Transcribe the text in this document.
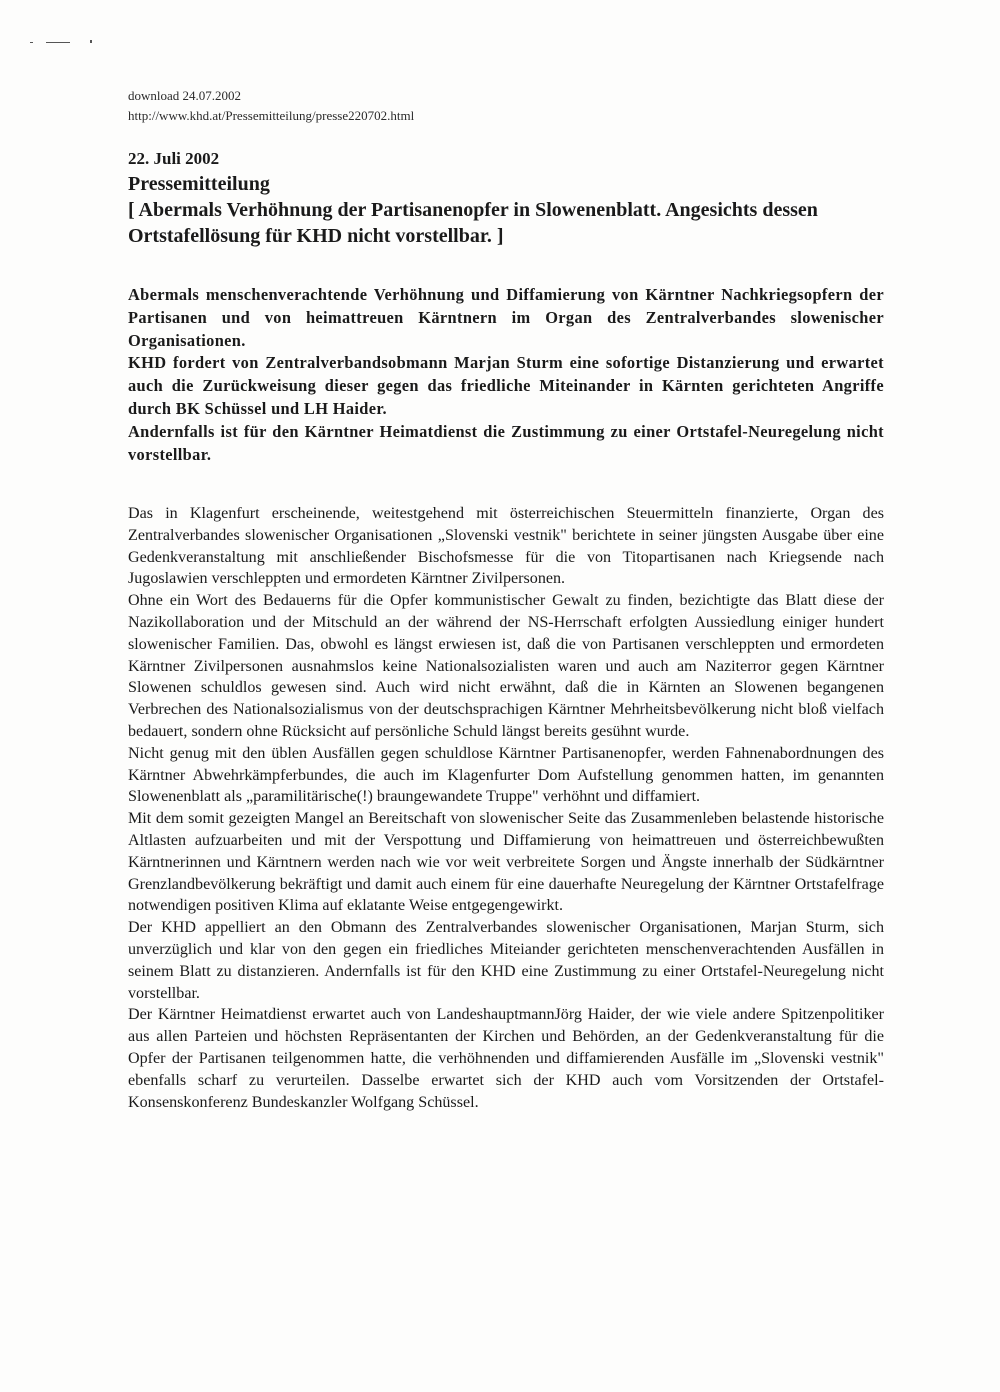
download 24.07.2002
http://www.khd.at/Pressemitteilung/presse220702.html
22. Juli 2002
Pressemitteilung
[ Abermals Verhöhnung der Partisanenopfer in Slowenenblatt. Angesichts dessen Ortstafellösung für KHD nicht vorstellbar. ]

Abermals menschenverachtende Verhöhnung und Diffamierung von Kärntner Nachkriegsopfern der Partisanen und von heimattreuen Kärntnern im Organ des Zentralverbandes slowenischer Organisationen.

KHD fordert von Zentralverbandsobmann Marjan Sturm eine sofortige Distanzierung und erwartet auch die Zurückweisung dieser gegen das friedliche Miteinander in Kärnten gerichteten Angriffe durch BK Schüssel und LH Haider.

Andernfalls ist für den Kärntner Heimatdienst die Zustimmung zu einer Ortstafel-Neuregelung nicht vorstellbar.

Das in Klagenfurt erscheinende, weitestgehend mit österreichischen Steuermitteln finanzierte, Organ des Zentralverbandes slowenischer Organisationen „Slovenski vestnik" berichtete in seiner jüngsten Ausgabe über eine Gedenkveranstaltung mit anschließender Bischofsmesse für die von Titopartisanen nach Kriegsende nach Jugoslawien verschleppten und ermordeten Kärntner Zivilpersonen.

Ohne ein Wort des Bedauerns für die Opfer kommunistischer Gewalt zu finden, bezichtigte das Blatt diese der Nazikollaboration und der Mitschuld an der während der NS-Herrschaft erfolgten Aussiedlung einiger hundert slowenischer Familien. Das, obwohl es längst erwiesen ist, daß die von Partisanen verschleppten und ermordeten Kärntner Zivilpersonen ausnahmslos keine Nationalsozialisten waren und auch am Naziterror gegen Kärntner Slowenen schuldlos gewesen sind. Auch wird nicht erwähnt, daß die in Kärnten an Slowenen begangenen Verbrechen des Nationalsozialismus von der deutschsprachigen Kärntner Mehrheitsbevölkerung nicht bloß vielfach bedauert, sondern ohne Rücksicht auf persönliche Schuld längst bereits gesühnt wurde.

Nicht genug mit den üblen Ausfällen gegen schuldlose Kärntner Partisanenopfer, werden Fahnenabordnungen des Kärntner Abwehrkämpferbundes, die auch im Klagenfurter Dom Aufstellung genommen hatten, im genannten Slowenenblatt als „paramilitärische(!) braungewandete Truppe" verhöhnt und diffamiert.

Mit dem somit gezeigten Mangel an Bereitschaft von slowenischer Seite das Zusammenleben belastende historische Altlasten aufzuarbeiten und mit der Verspottung und Diffamierung von heimattreuen und österreichbewußten Kärntnerinnen und Kärntnern werden nach wie vor weit verbreitete Sorgen und Ängste innerhalb der Südkärntner Grenzlandbevölkerung bekräftigt und damit auch einem für eine dauerhafte Neuregelung der Kärntner Ortstafelfrage notwendigen positiven Klima auf eklatante Weise entgegengewirkt.

Der KHD appelliert an den Obmann des Zentralverbandes slowenischer Organisationen, Marjan Sturm, sich unverzüglich und klar von den gegen ein friedliches Miteiander gerichteten menschenverachtenden Ausfällen in seinem Blatt zu distanzieren. Andernfalls ist für den KHD eine Zustimmung zu einer Ortstafel-Neuregelung nicht vorstellbar.

Der Kärntner Heimatdienst erwartet auch von LandeshauptmannJörg Haider, der wie viele andere Spitzenpolitiker aus allen Parteien und höchsten Repräsentanten der Kirchen und Behörden, an der Gedenkveranstaltung für die Opfer der Partisanen teilgenommen hatte, die verhöhnenden und diffamierenden Ausfälle im „Slovenski vestnik" ebenfalls scharf zu verurteilen. Dasselbe erwartet sich der KHD auch vom Vorsitzenden der Ortstafel-Konsenskonferenz Bundeskanzler Wolfgang Schüssel.
